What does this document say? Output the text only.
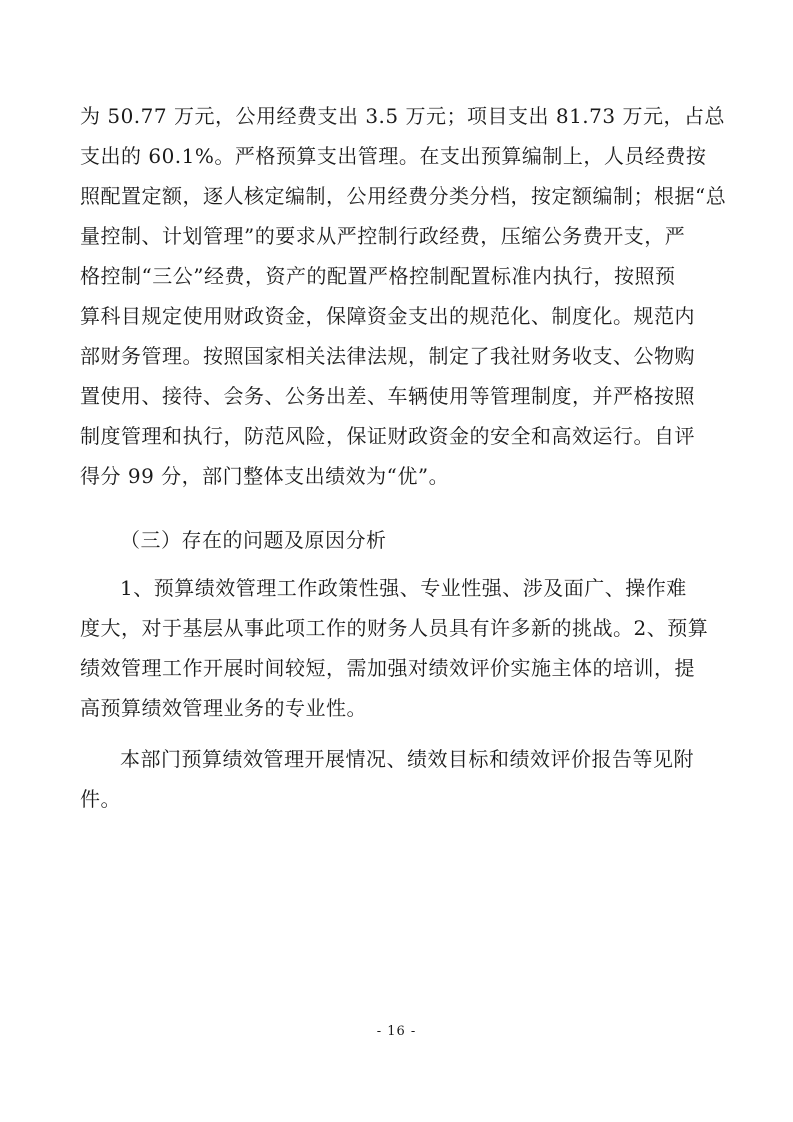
为 50.77 万元，公用经费支出 3.5 万元；项目支出 81.73 万元，占总
支出的 60.1%。严格预算支出管理。在支出预算编制上，人员经费按
照配置定额，逐人核定编制，公用经费分类分档，按定额编制；根据“总
量控制、计划管理”的要求从严控制行政经费，压缩公务费开支，严
格控制“三公”经费，资产的配置严格控制配置标准内执行，按照预
算科目规定使用财政资金，保障资金支出的规范化、制度化。规范内
部财务管理。按照国家相关法律法规，制定了我社财务收支、公物购
置使用、接待、会务、公务出差、车辆使用等管理制度，并严格按照
制度管理和执行，防范风险，保证财政资金的安全和高效运行。自评
得分 99 分，部门整体支出绩效为“优”。
（三）存在的问题及原因分析
1、预算绩效管理工作政策性强、专业性强、涉及面广、操作难
度大，对于基层从事此项工作的财务人员具有许多新的挑战。2、预算
绩效管理工作开展时间较短，需加强对绩效评价实施主体的培训，提
高预算绩效管理业务的专业性。
本部门预算绩效管理开展情况、绩效目标和绩效评价报告等见附
件。
- 16 -
